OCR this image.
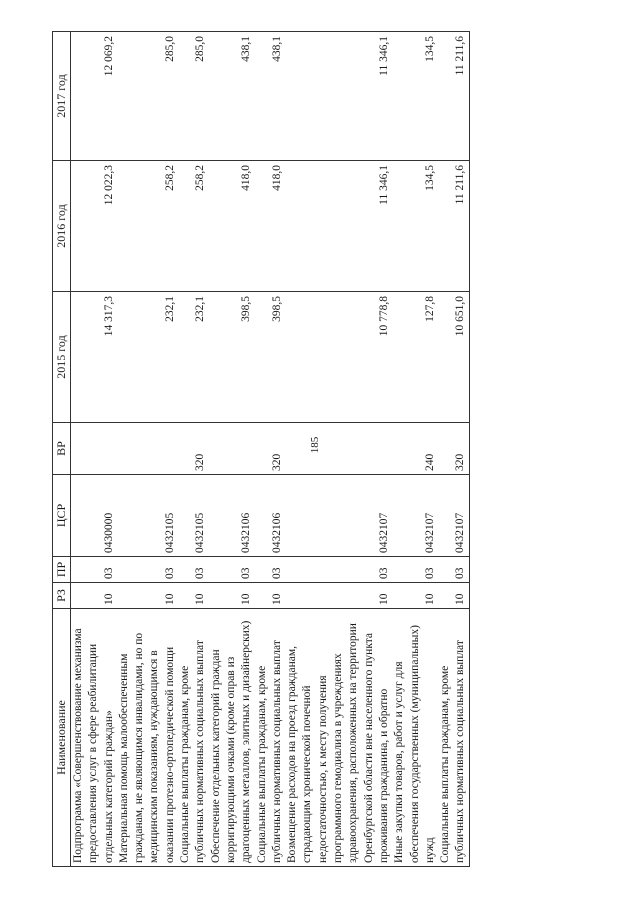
185
Наименование	РЗ	ПР	ЦСР	ВР	2015 год	2016 год	2017 год
Подпрограмма «Совершенствование механизма предоставления услуг в сфере реабилитации отдельных категорий граждан»	10	03	0430000		14 317,3	12 022,3	12 069,2
Материальная помощь малообеспеченным гражданам, не являющимся инвалидами, но по медицинским показаниям, нуждающимся в оказании протезно-ортопедической помощи	10	03	0432105		232,1	258,2	285,0
Социальные выплаты гражданам, кроме публичных нормативных социальных выплат	10	03	0432105	320	232,1	258,2	285,0
Обеспечение отдельных категорий граждан корригирующими очками (кроме оправ из драгоценных металлов, элитных и дизайнерских)	10	03	0432106		398,5	418,0	438,1
Социальные выплаты гражданам, кроме публичных нормативных социальных выплат	10	03	0432106	320	398,5	418,0	438,1
Возмещение расходов на проезд гражданам, страдающим хронической почечной недостаточностью, к месту получения программного гемодиализа в учреждениях здравоохранения, расположенных на территории Оренбургской области вне населенного пункта проживания гражданина, и обратно	10	03	0432107		10 778,8	11 346,1	11 346,1
Иные закупки товаров, работ и услуг для обеспечения государственных (муниципальных) нужд	10	03	0432107	240	127,8	134,5	134,5
Социальные выплаты гражданам, кроме публичных нормативных социальных выплат	10	03	0432107	320	10 651,0	11 211,6	11 211,6
